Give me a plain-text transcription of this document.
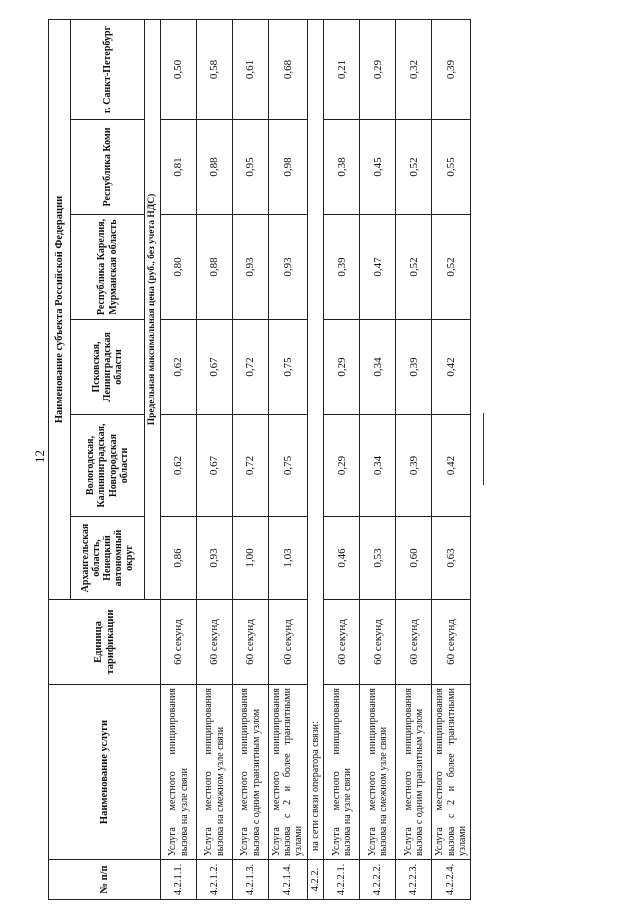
12
№ п/п	Наименование услуги	Единица тарификации	Наименование субъекта Российской Федерации					
			Архангельская область, Ненецкий автономный округ	Вологодская, Калининградская, Новгородская области	Псковская, Ленинградская области	Республика Карелия, Мурманская область	Республика Коми	г. Санкт-Петербург
			Предельная максимальная цена (руб., без учета НДС)					
4.2.1.1.	Услуга местного инициирования вызова на узле связи	60 секунд	0,86	0,62	0,62	0,80	0,81	0,50
4.2.1.2.	Услуга местного инициирования вызова на смежном узле связи	60 секунд	0,93	0,67	0,67	0,88	0,88	0,58
4.2.1.3.	Услуга местного инициирования вызова с одним транзитным узлом	60 секунд	1,00	0,72	0,72	0,93	0,95	0,61
4.2.1.4.	Услуга местного инициирования вызова с 2 и более транзитными узлами	60 секунд	1,03	0,75	0,75	0,93	0,98	0,68
4.2.2.	на сети связи оператора связи:							
4.2.2.1.	Услуга местного инициирования вызова на узле связи	60 секунд	0,46	0,29	0,29	0,39	0,38	0,21
4.2.2.2.	Услуга местного инициирования вызова на смежном узле связи	60 секунд	0,53	0,34	0,34	0,47	0,45	0,29
4.2.2.3.	Услуга местного инициирования вызова с одним транзитным узлом	60 секунд	0,60	0,39	0,39	0,52	0,52	0,32
4.2.2.4.	Услуга местного инициирования вызова с 2 и более транзитными узлами	60 секунд	0,63	0,42	0,42	0,52	0,55	0,39
